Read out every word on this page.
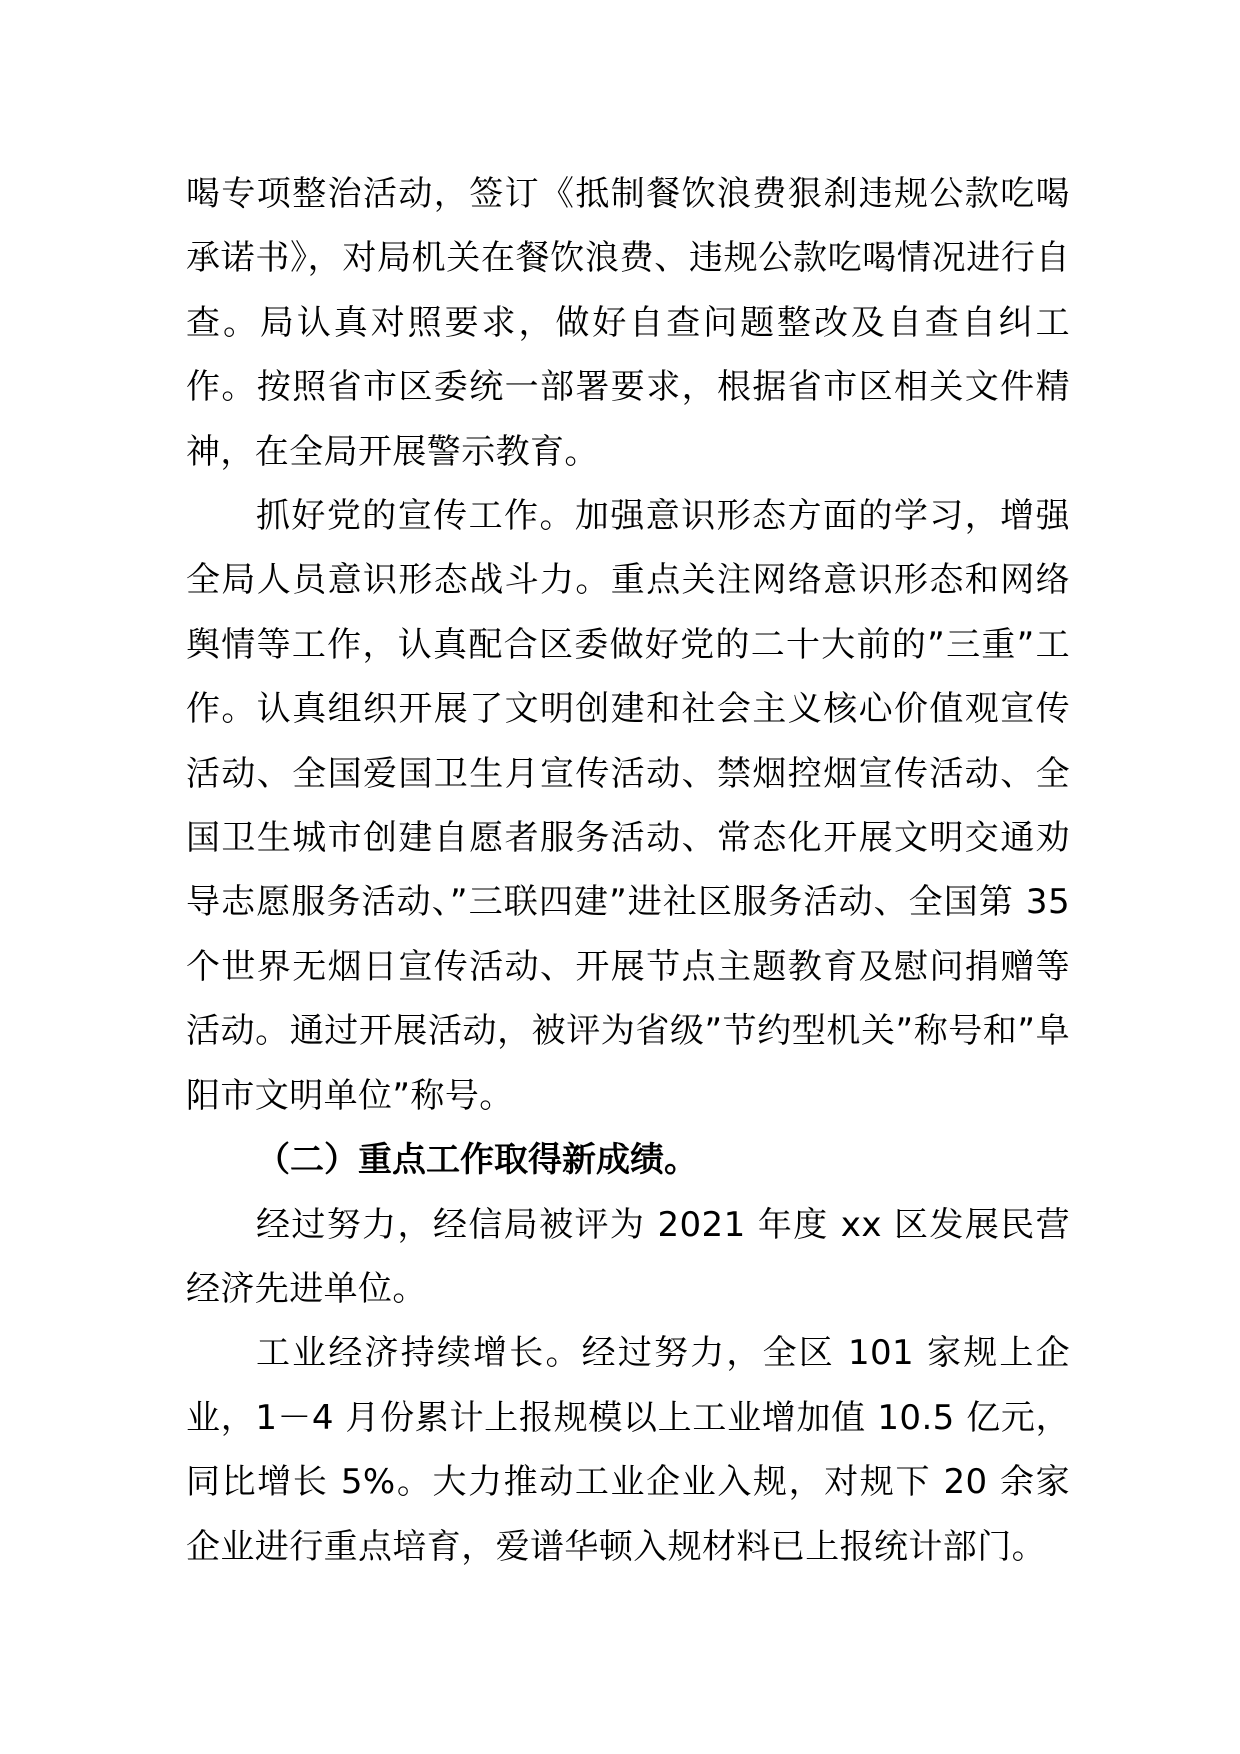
喝专项整治活动，签订《抵制餐饮浪费狠刹违规公款吃喝承诺书》，对局机关在餐饮浪费、违规公款吃喝情况进行自查。局认真对照要求，做好自查问题整改及自查自纠工作。按照省市区委统一部署要求，根据省市区相关文件精神，在全局开展警示教育。

抓好党的宣传工作。加强意识形态方面的学习，增强全局人员意识形态战斗力。重点关注网络意识形态和网络舆情等工作，认真配合区委做好党的二十大前的”三重”工作。认真组织开展了文明创建和社会主义核心价值观宣传活动、全国爱国卫生月宣传活动、禁烟控烟宣传活动、全国卫生城市创建自愿者服务活动、常态化开展文明交通劝导志愿服务活动、”三联四建”进社区服务活动、全国第 35 个世界无烟日宣传活动、开展节点主题教育及慰问捐赠等活动。通过开展活动，被评为省级”节约型机关”称号和”阜阳市文明单位”称号。

（二）重点工作取得新成绩。

经过努力，经信局被评为 2021 年度 xx 区发展民营经济先进单位。

工业经济持续增长。经过努力，全区 101 家规上企业，1－4 月份累计上报规模以上工业增加值 10.5 亿元，同比增长 5%。大力推动工业企业入规，对规下 20 余家企业进行重点培育，爱谱华顿入规材料已上报统计部门。
